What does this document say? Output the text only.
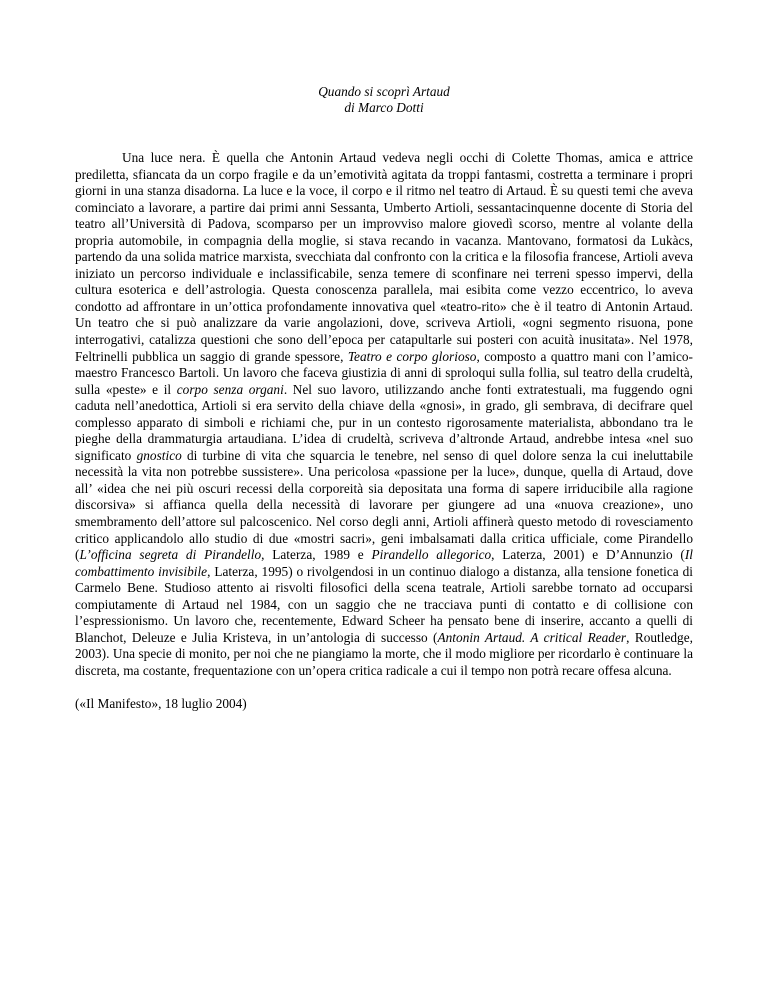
Quando si scoprì Artaud
di Marco Dotti
Una luce nera. È quella che Antonin Artaud vedeva negli occhi di Colette Thomas, amica e attrice prediletta, sfiancata da un corpo fragile e da un’emotività agitata da troppi fantasmi, costretta a terminare i propri giorni in una stanza disadorna. La luce e la voce, il corpo e il ritmo nel teatro di Artaud. È su questi temi che aveva cominciato a lavorare, a partire dai primi anni Sessanta, Umberto Artioli, sessantacinquenne docente di Storia del teatro all’Università di Padova, scomparso per un improvviso malore giovedì scorso, mentre al volante della propria automobile, in compagnia della moglie, si stava recando in vacanza. Mantovano, formatosi da Lukàcs, partendo da una solida matrice marxista, svecchiata dal confronto con la critica e la filosofia francese, Artioli aveva iniziato un percorso individuale e inclassificabile, senza temere di sconfinare nei terreni spesso impervi, della cultura esoterica e dell’astrologia. Questa conoscenza parallela, mai esibita come vezzo eccentrico, lo aveva condotto ad affrontare in un’ottica profondamente innovativa quel «teatro-rito» che è il teatro di Antonin Artaud. Un teatro che si può analizzare da varie angolazioni, dove, scriveva Artioli, «ogni segmento risuona, pone interrogativi, catalizza questioni che sono dell’epoca per catapultarle sui posteri con acuità inusitata». Nel 1978, Feltrinelli pubblica un saggio di grande spessore, Teatro e corpo glorioso, composto a quattro mani con l’amico-maestro Francesco Bartoli. Un lavoro che faceva giustizia di anni di sproloqui sulla follia, sul teatro della crudeltà, sulla «peste» e il corpo senza organi. Nel suo lavoro, utilizzando anche fonti extratestuali, ma fuggendo ogni caduta nell’anedottica, Artioli si era servito della chiave della «gnosi», in grado, gli sembrava, di decifrare quel complesso apparato di simboli e richiami che, pur in un contesto rigorosamente materialista, abbondano tra le pieghe della drammaturgia artaudiana. L’idea di crudeltà, scriveva d’altronde Artaud, andrebbe intesa «nel suo significato gnostico di turbine di vita che squarcia le tenebre, nel senso di quel dolore senza la cui ineluttabile necessità la vita non potrebbe sussistere». Una pericolosa «passione per la luce», dunque, quella di Artaud, dove all’ «idea che nei più oscuri recessi della corporeità sia depositata una forma di sapere irriducibile alla ragione discorsiva» si affianca quella della necessità di lavorare per giungere ad una «nuova creazione», uno smembramento dell’attore sul palcoscenico. Nel corso degli anni, Artioli affinerà questo metodo di rovesciamento critico applicandolo allo studio di due «mostri sacri», geni imbalsamati dalla critica ufficiale, come Pirandello (L’officina segreta di Pirandello, Laterza, 1989 e Pirandello allegorico, Laterza, 2001) e D’Annunzio (Il combattimento invisibile, Laterza, 1995) o rivolgendosi in un continuo dialogo a distanza, alla tensione fonetica di Carmelo Bene. Studioso attento ai risvolti filosofici della scena teatrale, Artioli sarebbe tornato ad occuparsi compiutamente di Artaud nel 1984, con un saggio che ne tracciava punti di contatto e di collisione con l’espressionismo. Un lavoro che, recentemente, Edward Scheer ha pensato bene di inserire, accanto a quelli di Blanchot, Deleuze e Julia Kristeva, in un’antologia di successo (Antonin Artaud. A critical Reader, Routledge, 2003). Una specie di monito, per noi che ne piangiamo la morte, che il modo migliore per ricordarlo è continuare la discreta, ma costante, frequentazione con un’opera critica radicale a cui il tempo non potrà recare offesa alcuna.
(«Il Manifesto», 18 luglio 2004)
